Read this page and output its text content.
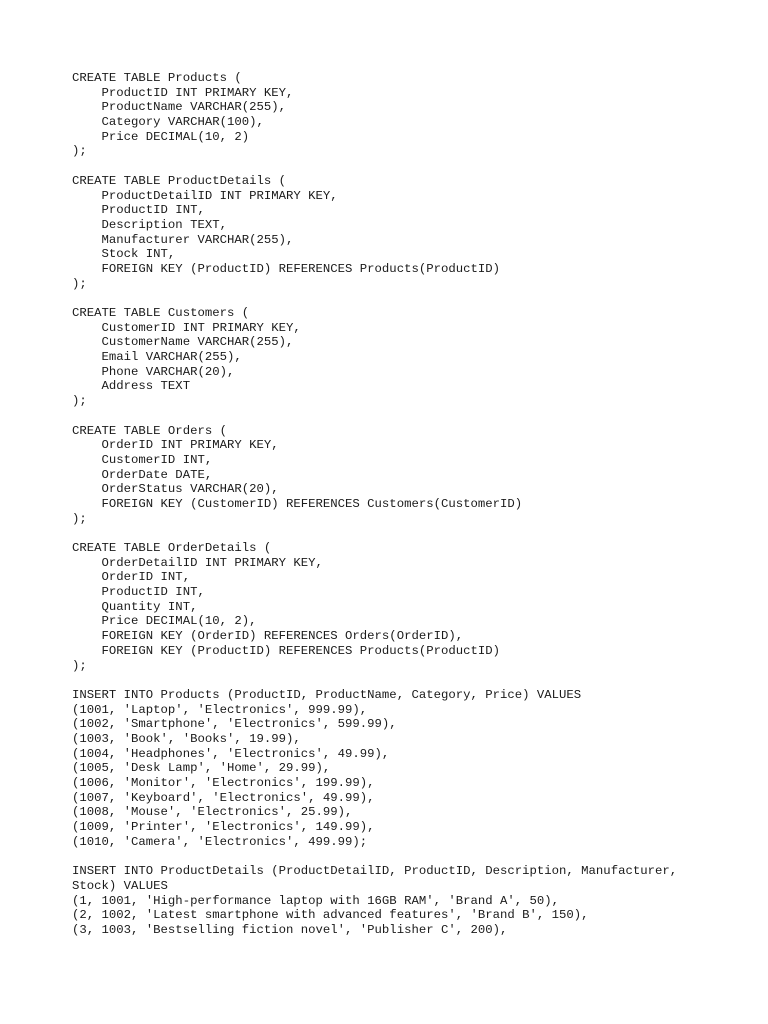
CREATE TABLE Products (
ProductID INT PRIMARY KEY,
ProductName VARCHAR(255),
Category VARCHAR(100),
Price DECIMAL(10, 2)
);
CREATE TABLE ProductDetails (
ProductDetailID INT PRIMARY KEY,
ProductID INT,
Description TEXT,
Manufacturer VARCHAR(255),
Stock INT,
FOREIGN KEY (ProductID) REFERENCES Products(ProductID)
);
CREATE TABLE Customers (
CustomerID INT PRIMARY KEY,
CustomerName VARCHAR(255),
Email VARCHAR(255),
Phone VARCHAR(20),
Address TEXT
);
CREATE TABLE Orders (
OrderID INT PRIMARY KEY,
CustomerID INT,
OrderDate DATE,
OrderStatus VARCHAR(20),
FOREIGN KEY (CustomerID) REFERENCES Customers(CustomerID)
);
CREATE TABLE OrderDetails (
OrderDetailID INT PRIMARY KEY,
OrderID INT,
ProductID INT,
Quantity INT,
Price DECIMAL(10, 2),
FOREIGN KEY (OrderID) REFERENCES Orders(OrderID),
FOREIGN KEY (ProductID) REFERENCES Products(ProductID)
);
INSERT INTO Products (ProductID, ProductName, Category, Price) VALUES
(1001, 'Laptop', 'Electronics', 999.99),
(1002, 'Smartphone', 'Electronics', 599.99),
(1003, 'Book', 'Books', 19.99),
(1004, 'Headphones', 'Electronics', 49.99),
(1005, 'Desk Lamp', 'Home', 29.99),
(1006, 'Monitor', 'Electronics', 199.99),
(1007, 'Keyboard', 'Electronics', 49.99),
(1008, 'Mouse', 'Electronics', 25.99),
(1009, 'Printer', 'Electronics', 149.99),
(1010, 'Camera', 'Electronics', 499.99);
INSERT INTO ProductDetails (ProductDetailID, ProductID, Description, Manufacturer,
Stock) VALUES
(1, 1001, 'High-performance laptop with 16GB RAM', 'Brand A', 50),
(2, 1002, 'Latest smartphone with advanced features', 'Brand B', 150),
(3, 1003, 'Bestselling fiction novel', 'Publisher C', 200),
